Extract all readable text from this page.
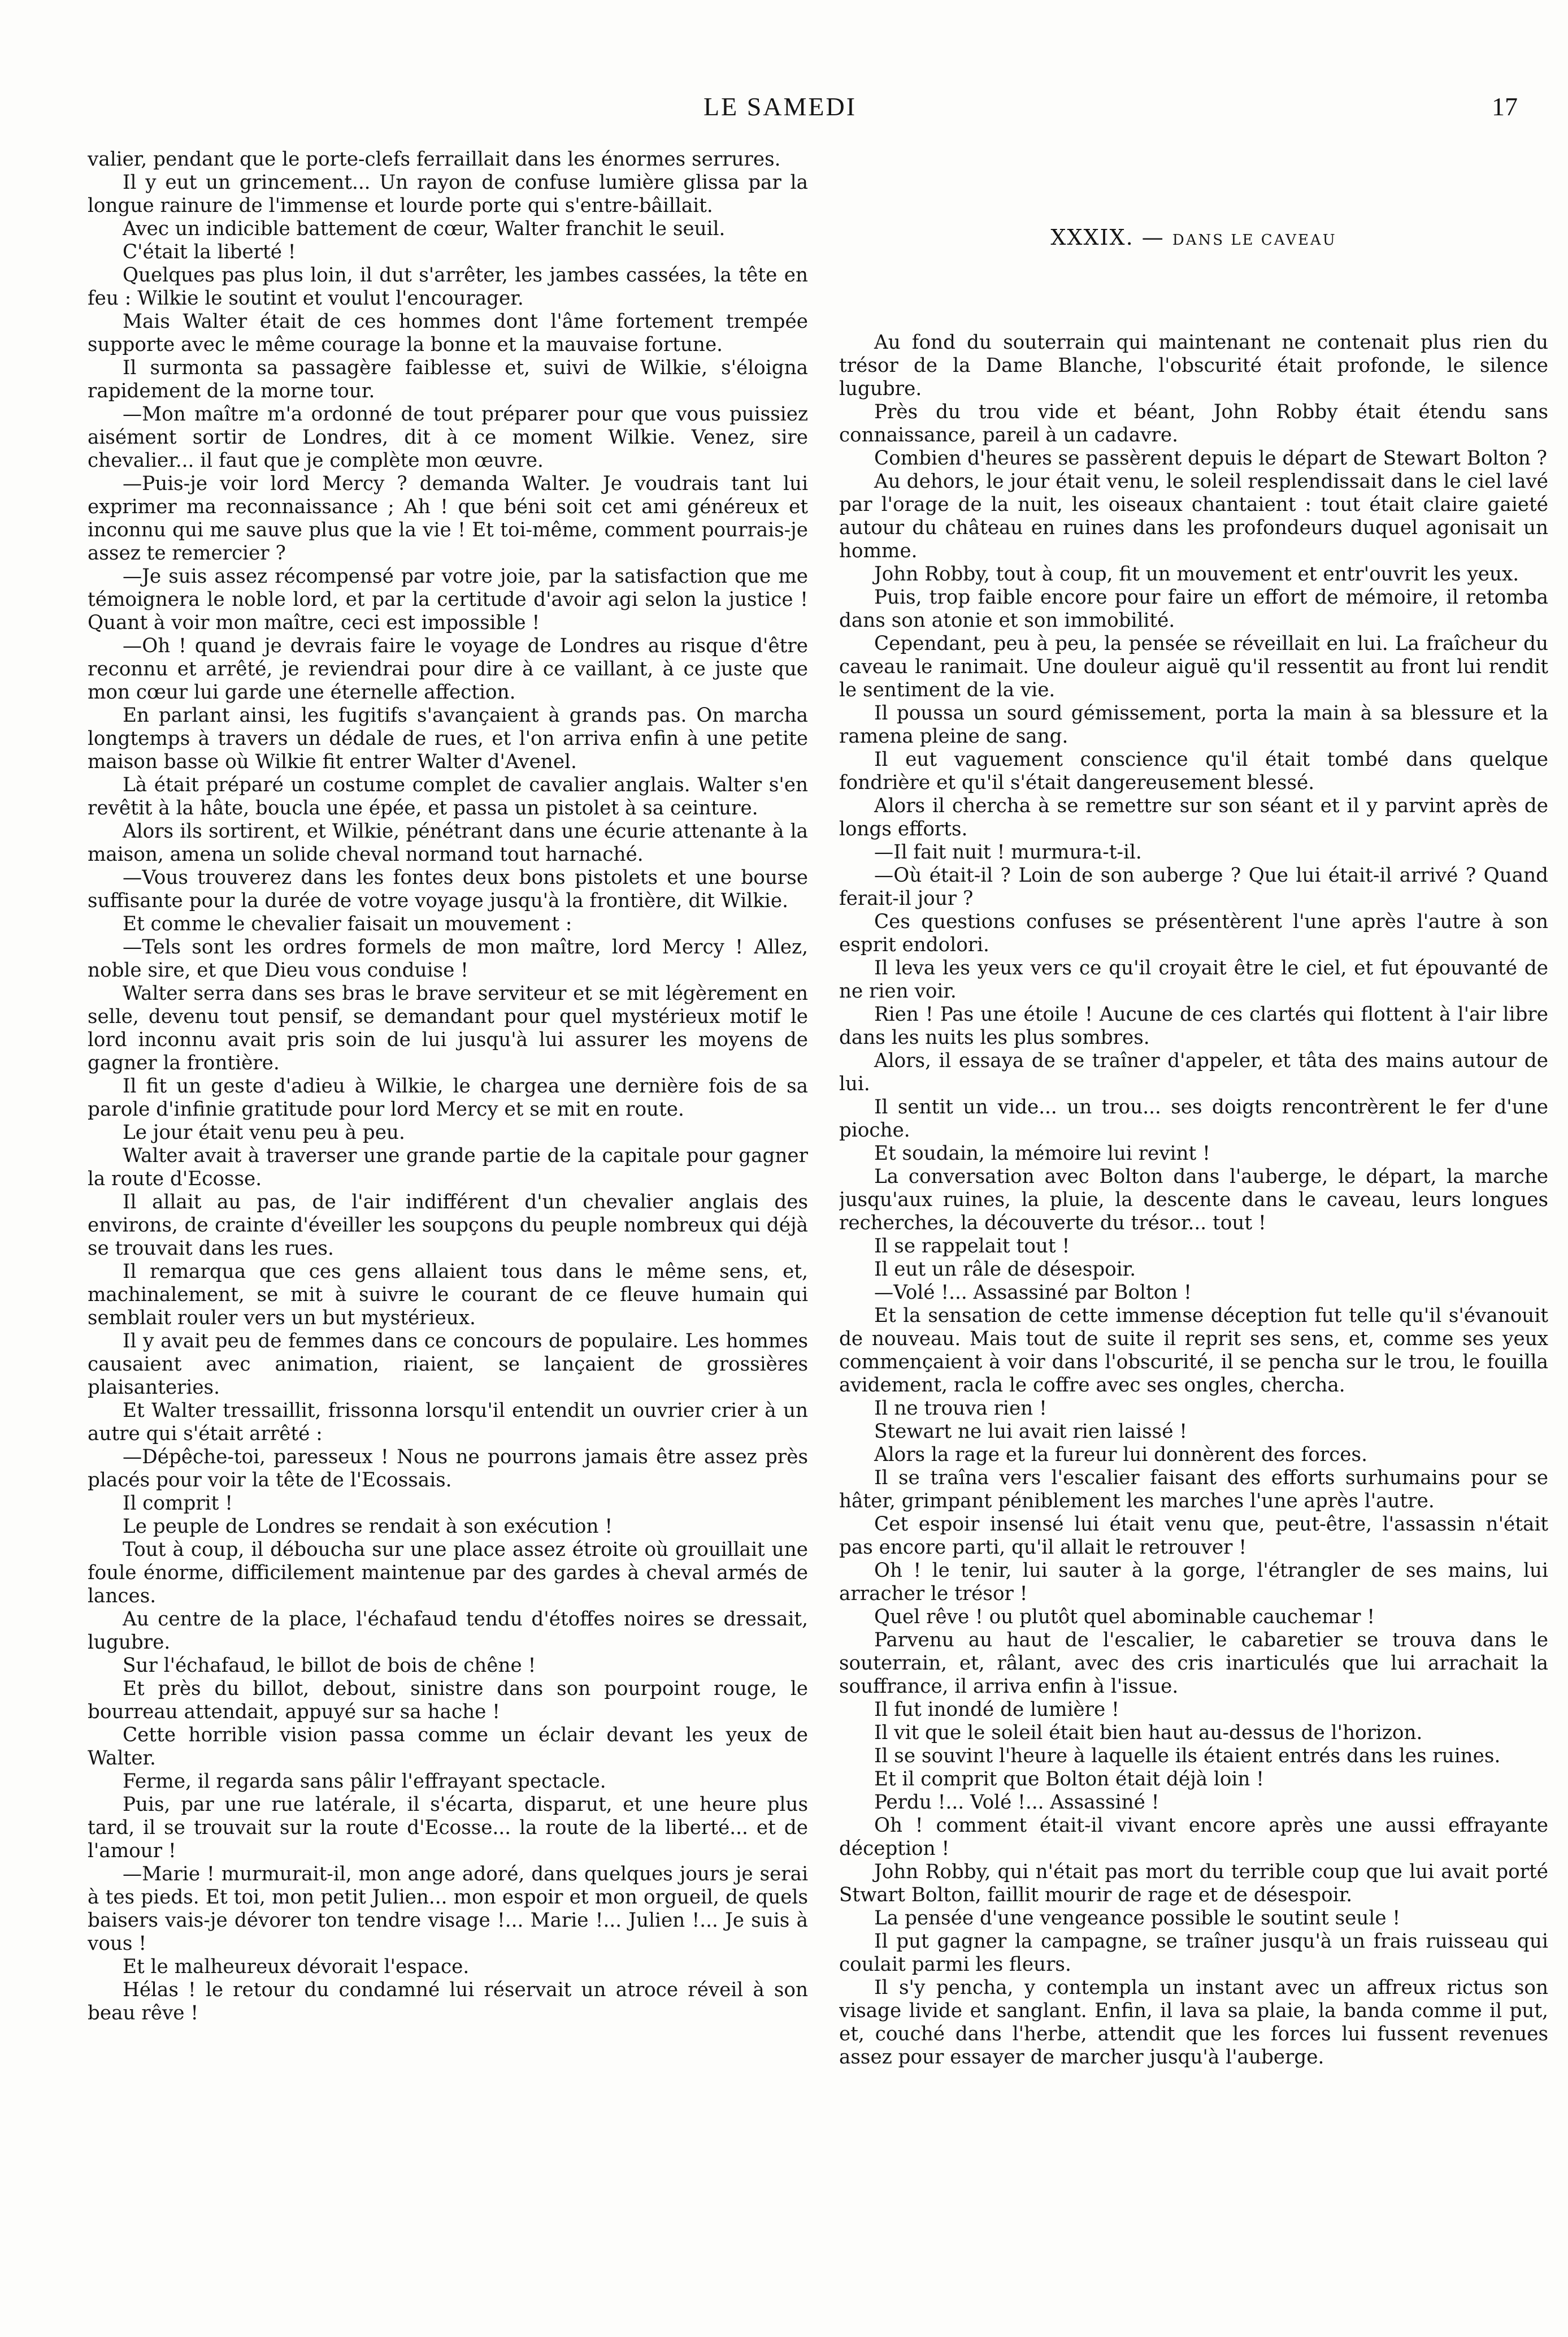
LE SAMEDI	17

valier, pendant que le porte-clefs ferraillait dans les énormes serrures.

Il y eut un grincement... Un rayon de confuse lumière glissa par la longue rainure de l'immense et lourde porte qui s'entre-bâillait.

Avec un indicible battement de cœur, Walter franchit le seuil.

C'était la liberté !

Quelques pas plus loin, il dut s'arrêter, les jambes cassées, la tête en feu : Wilkie le soutint et voulut l'encourager.

Mais Walter était de ces hommes dont l'âme fortement trempée supporte avec le même courage la bonne et la mauvaise fortune.

Il surmonta sa passagère faiblesse et, suivi de Wilkie, s'éloigna rapidement de la morne tour.

—Mon maître m'a ordonné de tout préparer pour que vous puissiez aisément sortir de Londres, dit à ce moment Wilkie. Venez, sire chevalier... il faut que je complète mon œuvre.

—Puis-je voir lord Mercy ? demanda Walter. Je voudrais tant lui exprimer ma reconnaissance ; Ah ! que béni soit cet ami généreux et inconnu qui me sauve plus que la vie ! Et toi-même, comment pourrais-je assez te remercier ?

—Je suis assez récompensé par votre joie, par la satisfaction que me témoignera le noble lord, et par la certitude d'avoir agi selon la justice ! Quant à voir mon maître, ceci est impossible !

—Oh ! quand je devrais faire le voyage de Londres au risque d'être reconnu et arrêté, je reviendrai pour dire à ce vaillant, à ce juste que mon cœur lui garde une éternelle affection.

En parlant ainsi, les fugitifs s'avançaient à grands pas. On marcha longtemps à travers un dédale de rues, et l'on arriva enfin à une petite maison basse où Wilkie fit entrer Walter d'Avenel.

Là était préparé un costume complet de cavalier anglais. Walter s'en revêtit à la hâte, boucla une épée, et passa un pistolet à sa ceinture.

Alors ils sortirent, et Wilkie, pénétrant dans une écurie attenante à la maison, amena un solide cheval normand tout harnaché.

—Vous trouverez dans les fontes deux bons pistolets et une bourse suffisante pour la durée de votre voyage jusqu'à la frontière, dit Wilkie.

Et comme le chevalier faisait un mouvement :

—Tels sont les ordres formels de mon maître, lord Mercy ! Allez, noble sire, et que Dieu vous conduise !

Walter serra dans ses bras le brave serviteur et se mit légèrement en selle, devenu tout pensif, se demandant pour quel mystérieux motif le lord inconnu avait pris soin de lui jusqu'à lui assurer les moyens de gagner la frontière.

Il fit un geste d'adieu à Wilkie, le chargea une dernière fois de sa parole d'infinie gratitude pour lord Mercy et se mit en route.

Le jour était venu peu à peu.

Walter avait à traverser une grande partie de la capitale pour gagner la route d'Ecosse.

Il allait au pas, de l'air indifférent d'un chevalier anglais des environs, de crainte d'éveiller les soupçons du peuple nombreux qui déjà se trouvait dans les rues.

Il remarqua que ces gens allaient tous dans le même sens, et, machinalement, se mit à suivre le courant de ce fleuve humain qui semblait rouler vers un but mystérieux.

Il y avait peu de femmes dans ce concours de populaire. Les hommes causaient avec animation, riaient, se lançaient de grossières plaisanteries.

Et Walter tressaillit, frissonna lorsqu'il entendit un ouvrier crier à un autre qui s'était arrêté :

—Dépêche-toi, paresseux ! Nous ne pourrons jamais être assez près placés pour voir la tête de l'Ecossais.

Il comprit !

Le peuple de Londres se rendait à son exécution !

Tout à coup, il déboucha sur une place assez étroite où grouillait une foule énorme, difficilement maintenue par des gardes à cheval armés de lances.

Au centre de la place, l'échafaud tendu d'étoffes noires se dressait, lugubre.

Sur l'échafaud, le billot de bois de chêne !

Et près du billot, debout, sinistre dans son pourpoint rouge, le bourreau attendait, appuyé sur sa hache !

Cette horrible vision passa comme un éclair devant les yeux de Walter.

Ferme, il regarda sans pâlir l'effrayant spectacle.

Puis, par une rue latérale, il s'écarta, disparut, et une heure plus tard, il se trouvait sur la route d'Ecosse... la route de la liberté... et de l'amour !

—Marie ! murmurait-il, mon ange adoré, dans quelques jours je serai à tes pieds. Et toi, mon petit Julien... mon espoir et mon orgueil, de quels baisers vais-je dévorer ton tendre visage !... Marie !... Julien !... Je suis à vous !

Et le malheureux dévorait l'espace.

Hélas ! le retour du condamné lui réservait un atroce réveil à son beau rêve !

XXXIX. — DANS LE CAVEAU

Au fond du souterrain qui maintenant ne contenait plus rien du trésor de la Dame Blanche, l'obscurité était profonde, le silence lugubre.

Près du trou vide et béant, John Robby était étendu sans connaissance, pareil à un cadavre.

Combien d'heures se passèrent depuis le départ de Stewart Bolton ?

Au dehors, le jour était venu, le soleil resplendissait dans le ciel lavé par l'orage de la nuit, les oiseaux chantaient : tout était claire gaieté autour du château en ruines dans les profondeurs duquel agonisait un homme.

John Robby, tout à coup, fit un mouvement et entr'ouvrit les yeux.

Puis, trop faible encore pour faire un effort de mémoire, il retomba dans son atonie et son immobilité.

Cependant, peu à peu, la pensée se réveillait en lui. La fraîcheur du caveau le ranimait. Une douleur aiguë qu'il ressentit au front lui rendit le sentiment de la vie.

Il poussa un sourd gémissement, porta la main à sa blessure et la ramena pleine de sang.

Il eut vaguement conscience qu'il était tombé dans quelque fondrière et qu'il s'était dangereusement blessé.

Alors il chercha à se remettre sur son séant et il y parvint après de longs efforts.

—Il fait nuit ! murmura-t-il.

—Où était-il ? Loin de son auberge ? Que lui était-il arrivé ? Quand ferait-il jour ?

Ces questions confuses se présentèrent l'une après l'autre à son esprit endolori.

Il leva les yeux vers ce qu'il croyait être le ciel, et fut épouvanté de ne rien voir.

Rien ! Pas une étoile ! Aucune de ces clartés qui flottent à l'air libre dans les nuits les plus sombres.

Alors, il essaya de se traîner d'appeler, et tâta des mains autour de lui.

Il sentit un vide... un trou... ses doigts rencontrèrent le fer d'une pioche.

Et soudain, la mémoire lui revint !

La conversation avec Bolton dans l'auberge, le départ, la marche jusqu'aux ruines, la pluie, la descente dans le caveau, leurs longues recherches, la découverte du trésor... tout !

Il se rappelait tout !

Il eut un râle de désespoir.

—Volé !... Assassiné par Bolton !

Et la sensation de cette immense déception fut telle qu'il s'évanouit de nouveau. Mais tout de suite il reprit ses sens, et, comme ses yeux commençaient à voir dans l'obscurité, il se pencha sur le trou, le fouilla avidement, racla le coffre avec ses ongles, chercha.

Il ne trouva rien !

Stewart ne lui avait rien laissé !

Alors la rage et la fureur lui donnèrent des forces.

Il se traîna vers l'escalier faisant des efforts surhumains pour se hâter, grimpant péniblement les marches l'une après l'autre.

Cet espoir insensé lui était venu que, peut-être, l'assassin n'était pas encore parti, qu'il allait le retrouver !

Oh ! le tenir, lui sauter à la gorge, l'étrangler de ses mains, lui arracher le trésor !

Quel rêve ! ou plutôt quel abominable cauchemar !

Parvenu au haut de l'escalier, le cabaretier se trouva dans le souterrain, et, râlant, avec des cris inarticulés que lui arrachait la souffrance, il arriva enfin à l'issue.

Il fut inondé de lumière !

Il vit que le soleil était bien haut au-dessus de l'horizon.

Il se souvint l'heure à laquelle ils étaient entrés dans les ruines.

Et il comprit que Bolton était déjà loin !

Perdu !... Volé !... Assassiné !

Oh ! comment était-il vivant encore après une aussi effrayante déception !

John Robby, qui n'était pas mort du terrible coup que lui avait porté Stwart Bolton, faillit mourir de rage et de désespoir.

La pensée d'une vengeance possible le soutint seule !

Il put gagner la campagne, se traîner jusqu'à un frais ruisseau qui coulait parmi les fleurs.

Il s'y pencha, y contempla un instant avec un affreux rictus son visage livide et sanglant. Enfin, il lava sa plaie, la banda comme il put, et, couché dans l'herbe, attendit que les forces lui fussent revenues assez pour essayer de marcher jusqu'à l'auberge.
